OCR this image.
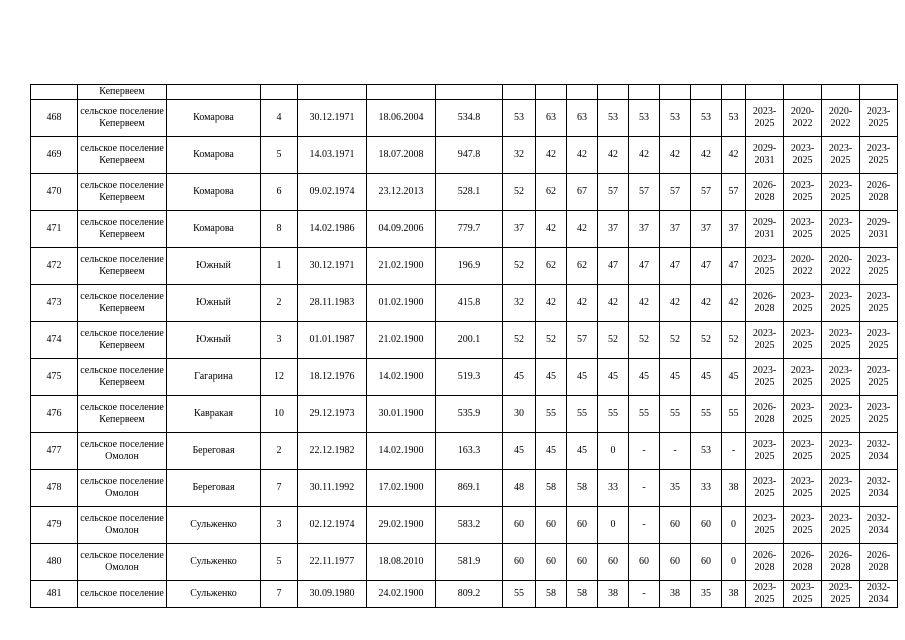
	Кепервеем																	
468	сельское поселение Кепервеем	Комарова	4	30.12.1971	18.06.2004	534.8	53	63	63	53	53	53	53	53	2023-2025	2020-2022	2020-2022	2023-2025
469	сельское поселение Кепервеем	Комарова	5	14.03.1971	18.07.2008	947.8	32	42	42	42	42	42	42	42	2029-2031	2023-2025	2023-2025	2023-2025
470	сельское поселение Кепервеем	Комарова	6	09.02.1974	23.12.2013	528.1	52	62	67	57	57	57	57	57	2026-2028	2023-2025	2023-2025	2026-2028
471	сельское поселение Кепервеем	Комарова	8	14.02.1986	04.09.2006	779.7	37	42	42	37	37	37	37	37	2029-2031	2023-2025	2023-2025	2029-2031
472	сельское поселение Кепервеем	Южный	1	30.12.1971	21.02.1900	196.9	52	62	62	47	47	47	47	47	2023-2025	2020-2022	2020-2022	2023-2025
473	сельское поселение Кепервеем	Южный	2	28.11.1983	01.02.1900	415.8	32	42	42	42	42	42	42	42	2026-2028	2023-2025	2023-2025	2023-2025
474	сельское поселение Кепервеем	Южный	3	01.01.1987	21.02.1900	200.1	52	52	57	52	52	52	52	52	2023-2025	2023-2025	2023-2025	2023-2025
475	сельское поселение Кепервеем	Гагарина	12	18.12.1976	14.02.1900	519.3	45	45	45	45	45	45	45	45	2023-2025	2023-2025	2023-2025	2023-2025
476	сельское поселение Кепервеем	Кавракая	10	29.12.1973	30.01.1900	535.9	30	55	55	55	55	55	55	55	2026-2028	2023-2025	2023-2025	2023-2025
477	сельское поселение Омолон	Береговая	2	22.12.1982	14.02.1900	163.3	45	45	45	0	-	-	53	-	2023-2025	2023-2025	2023-2025	2032-2034
478	сельское поселение Омолон	Береговая	7	30.11.1992	17.02.1900	869.1	48	58	58	33	-	35	33	38	2023-2025	2023-2025	2023-2025	2032-2034
479	сельское поселение Омолон	Сульженко	3	02.12.1974	29.02.1900	583.2	60	60	60	0	-	60	60	0	2023-2025	2023-2025	2023-2025	2032-2034
480	сельское поселение Омолон	Сульженко	5	22.11.1977	18.08.2010	581.9	60	60	60	60	60	60	60	0	2026-2028	2026-2028	2026-2028	2026-2028
481	сельское поселение	Сульженко	7	30.09.1980	24.02.1900	809.2	55	58	58	38	-	38	35	38	2023-2025	2023-2025	2023-2025	2032-2034
